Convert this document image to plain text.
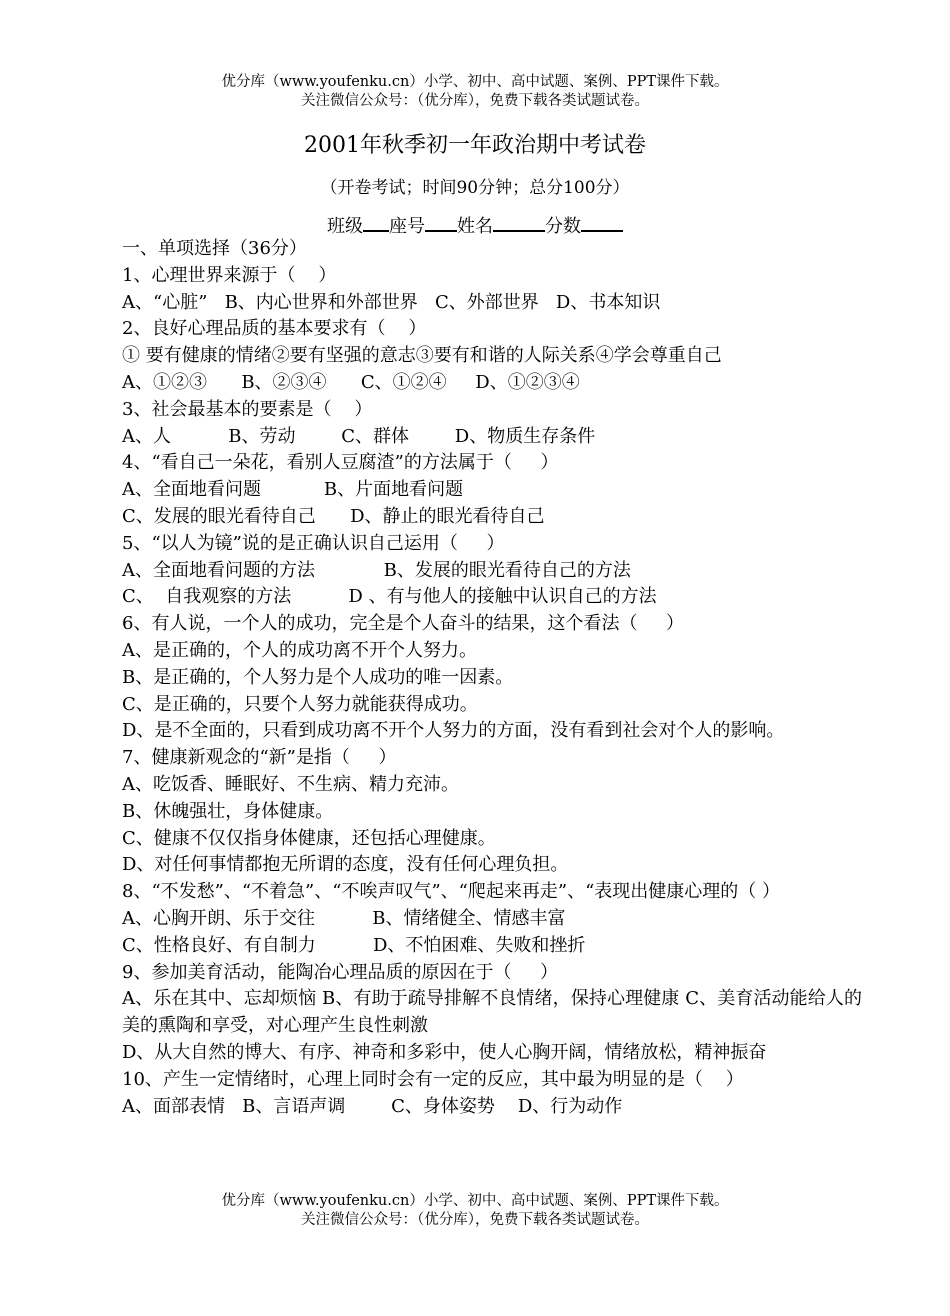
优分库（www.youfenku.cn）小学、初中、高中试题、案例、PPT课件下载。
关注微信公众号：（优分库），免费下载各类试题试卷。
2001年秋季初一年政治期中考试卷
（开卷考试；时间90分钟；总分100分）
班级 座号 姓名	分数
一、单项选择（36分）
1、心理世界来源于（    ）
A、“心脏”   B、内心世界和外部世界   C、外部世界   D、书本知识
2、良好心理品质的基本要求有（    ）
① 要有健康的情绪②要有坚强的意志③要有和谐的人际关系④学会尊重自己
A、①②③      B、②③④      C、①②④     D、①②③④
3、社会最基本的要素是（    ）
A、人          B、劳动        C、群体        D、物质生存条件
4、“看自己一朵花，看别人豆腐渣”的方法属于（     ）
A、全面地看问题           B、片面地看问题
C、发展的眼光看待自己      D、静止的眼光看待自己
5、“以人为镜”说的是正确认识自己运用（     ）
A、全面地看问题的方法            B、发展的眼光看待自己的方法
C、  自我观察的方法          D 、有与他人的接触中认识自己的方法
6、有人说，一个人的成功，完全是个人奋斗的结果，这个看法（     ）
A、是正确的，个人的成功离不开个人努力。
B、是正确的，个人努力是个人成功的唯一因素。
C、是正确的，只要个人努力就能获得成功。
D、是不全面的，只看到成功离不开个人努力的方面，没有看到社会对个人的影响。
7、健康新观念的“新”是指（     ）
A、吃饭香、睡眠好、不生病、精力充沛。
B、休魄强壮，身体健康。
C、健康不仅仅指身体健康，还包括心理健康。
D、对任何事情都抱无所谓的态度，没有任何心理负担。
8、“不发愁”、“不着急”、“不唉声叹气”、“爬起来再走”、“表现出健康心理的（ ）
A、心胸开朗、乐于交往          B、情绪健全、情感丰富
C、性格良好、有自制力          D、不怕困难、失败和挫折
9、参加美育活动，能陶冶心理品质的原因在于（     ）
A、乐在其中、忘却烦恼 B、有助于疏导排解不良情绪，保持心理健康 C、美育活动能给人的美的熏陶和享受，对心理产生良性刺激
D、从大自然的博大、有序、神奇和多彩中，使人心胸开阔，情绪放松，精神振奋
10、产生一定情绪时，心理上同时会有一定的反应，其中最为明显的是（    ）
A、面部表情   B、言语声调        C、身体姿势    D、行为动作
优分库（www.youfenku.cn）小学、初中、高中试题、案例、PPT课件下载。
关注微信公众号：（优分库），免费下载各类试题试卷。
